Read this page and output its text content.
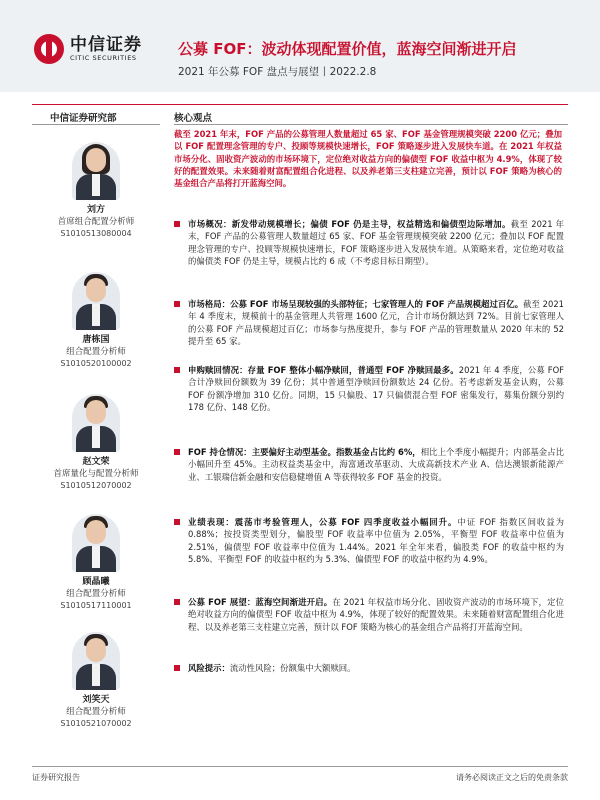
中信证券
CITIC SECURITIES	公募 FOF：波动体现配置价值，蓝海空间渐进开启
2021 年公募 FOF 盘点与展望丨2022.2.8
中信证券研究部	核心观点
刘方
首席组合配置分析师
S1010513080004
唐栋国
组合配置分析师
S1010520100002
赵文荣
首席量化与配置分析师
S1010512070002
顾晶曦
组合配置分析师
S1010517110001
刘笑天
组合配置分析师
S1010521070002
截至 2021 年末，FOF 产品的公募管理人数量超过 65 家、FOF 基金管理规模突破 2200 亿元；叠加以 FOF 配置理念管理的专户、投顾等规模快速增长，FOF 策略逐步进入发展快车道。在 2021 年权益市场分化、固收资产波动的市场环境下，定位绝对收益方向的偏债型 FOF 收益中枢为 4.9%，体现了较好的配置效果。未来随着财富配置组合化进程、以及养老第三支柱建立完善，预计以 FOF 策略为核心的基金组合产品将打开蓝海空间。
市场概况：新发带动规模增长；偏债 FOF 仍是主导，权益精选和偏债型边际增加。截至 2021 年末，FOF 产品的公募管理人数量超过 65 家、FOF 基金管理规模突破 2200 亿元；叠加以 FOF 配置理念管理的专户、投顾等规模快速增长，FOF 策略逐步进入发展快车道。从策略来看，定位绝对收益的偏债类 FOF 仍是主导，规模占比约 6 成（不考虑目标日期型）。
市场格局：公募 FOF 市场呈现较强的头部特征；七家管理人的 FOF 产品规模超过百亿。截至 2021 年 4 季度末，规模前十的基金管理人共管理 1600 亿元，合计市场份额达到 72%。目前七家管理人的公募 FOF 产品规模超过百亿；市场参与热度提升，参与 FOF 产品的管理数量从 2020 年末的 52 提升至 65 家。
申购赎回情况：存量 FOF 整体小幅净赎回，普通型 FOF 净赎回最多。2021 年 4 季度，公募 FOF 合计净赎回份额数为 39 亿份；其中普通型净赎回份额数达 24 亿份。若考虑新发基金认购，公募 FOF 份额净增加 310 亿份。同期，15 只偏股、17 只偏债混合型 FOF 密集发行，募集份额分别约 178 亿份、148 亿份。
FOF 持仓情况：主要偏好主动型基金。指数基金占比约 6%，相比上个季度小幅提升；内部基金占比小幅回升至 45%。主动权益类基金中，海富通改革驱动、大成高新技术产业 A、信达澳银新能源产业、工银瑞信新金融和安信稳健增值 A 等获得较多 FOF 基金的投资。
业绩表现：震荡市考验管理人，公募 FOF 四季度收益小幅回升。中证 FOF 指数区间收益为 0.88%；按投资类型划分，偏股型 FOF 收益率中位值为 2.05%，平衡型 FOF 收益率中位值为 2.51%，偏债型 FOF 收益率中位值为 1.44%。2021 年全年来看，偏股类 FOF 的收益中枢约为 5.8%、平衡型 FOF 的收益中枢约为 5.3%、偏债型 FOF 的收益中枢约为 4.9%。
公募 FOF 展望：蓝海空间渐进开启。在 2021 年权益市场分化、固收资产波动的市场环境下，定位绝对收益方向的偏债型 FOF 收益中枢为 4.9%，体现了较好的配置效果。未来随着财富配置组合化进程、以及养老第三支柱建立完善，预计以 FOF 策略为核心的基金组合产品将打开蓝海空间。
风险提示：流动性风险；份额集中大额赎回。
证券研究报告	请务必阅读正文之后的免责条款
